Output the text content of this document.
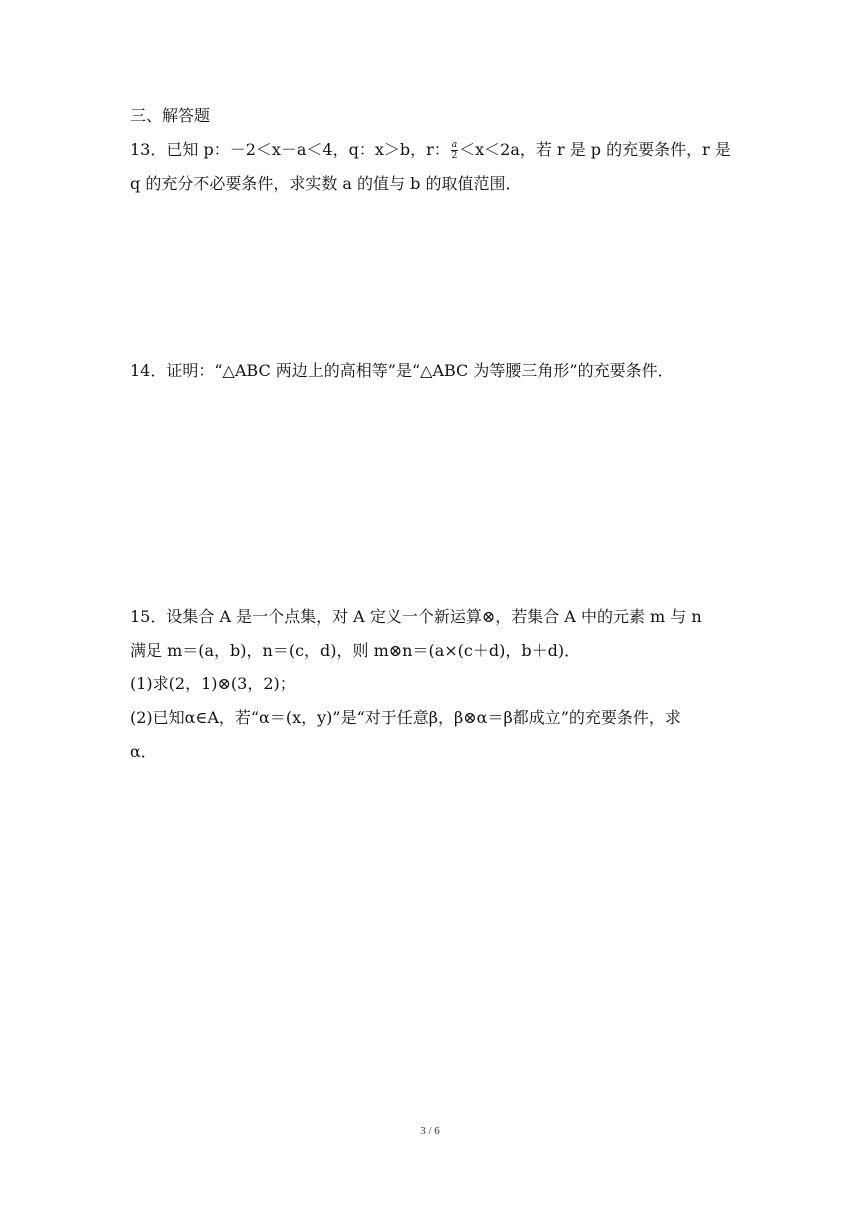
三、解答题
13．已知 p：－2＜x－a＜4，q：x＞b，r： $\frac{a}{2} <x<2a$，若 r 是 p 的充要条件，r 是
q 的充分不必要条件，求实数 a 的值与 b 的取值范围．
14．证明：“△ABC 两边上的高相等”是“△ABC 为等腰三角形”的充要条件．
15．设集合 A 是一个点集，对 A 定义一个新运算⊗，若集合 A 中的元素 m 与 n
满足 m＝(a，b)，n＝(c，d)，则 m⊗n＝(a×(c＋d)，b＋d)．
(1)求(2，1)⊗(3，2)；
(2)已知α∈A，若“α＝(x，y)”是“对于任意β，β⊗α＝β都成立”的充要条件，求
α．
3 / 6
